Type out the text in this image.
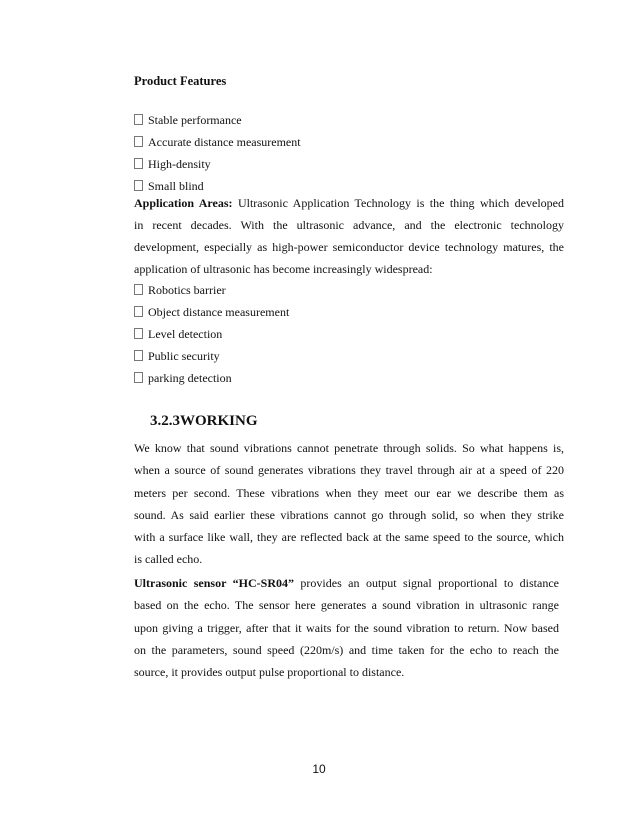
Product Features
Stable performance
Accurate distance measurement
High-density
Small blind
Application Areas: Ultrasonic Application Technology is the thing which developed
in recent decades. With the ultrasonic advance, and the electronic technology
development, especially as high-power semiconductor device technology matures, the
application of ultrasonic has become increasingly widespread:
Robotics barrier
Object distance measurement
Level detection
Public security
parking detection
3.2.3WORKING
We know that sound vibrations cannot penetrate through solids. So what happens is,
when a source of sound generates vibrations they travel through air at a speed of 220
meters per second. These vibrations when they meet our ear we describe them as
sound. As said earlier these vibrations cannot go through solid, so when they strike
with a surface like wall, they are reflected back at the same speed to the source, which
is called echo.
Ultrasonic sensor “HC-SR04” provides an output signal proportional to distance
based on the echo. The sensor here generates a sound vibration in ultrasonic range
upon giving a trigger, after that it waits for the sound vibration to return. Now based
on the parameters, sound speed (220m/s) and time taken for the echo to reach the
source, it provides output pulse proportional to distance.
10
